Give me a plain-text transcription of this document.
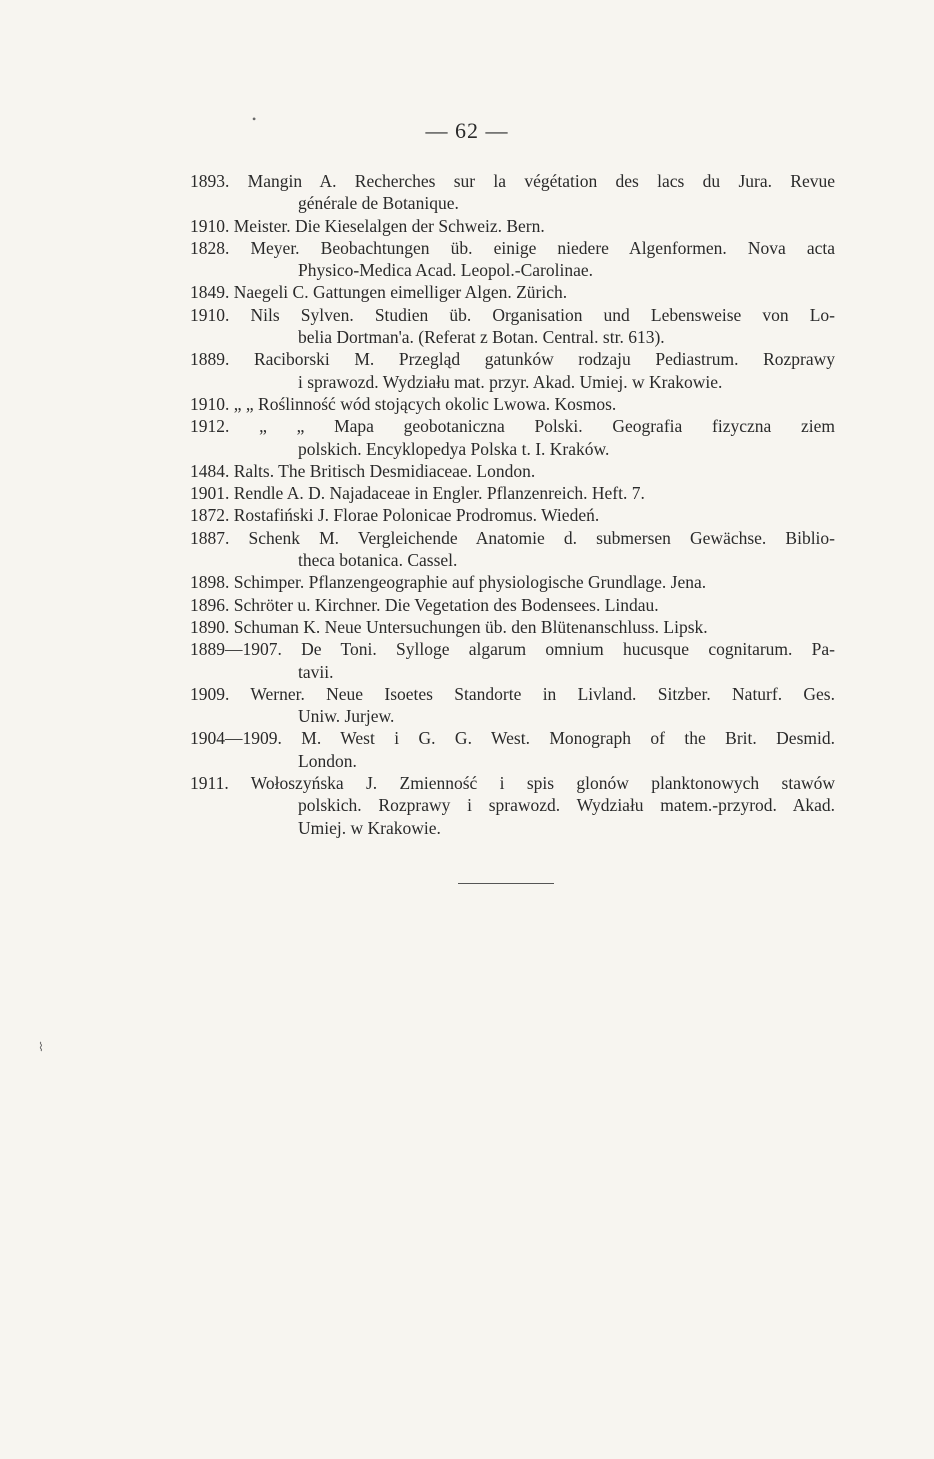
— 62 —
1893. Mangin A. Recherches sur la végétation des lacs du Jura. Revue
générale de Botanique.
1910. Meister. Die Kieselalgen der Schweiz. Bern.
1828. Meyer. Beobachtungen üb. einige niedere Algenformen. Nova acta
Physico-Medica Acad. Leopol.-Carolinae.
1849. Naegeli C. Gattungen eimelliger Algen. Zürich.
1910. Nils Sylven. Studien üb. Organisation und Lebensweise von Lo-
belia Dortman'a. (Referat z Botan. Central. str. 613).
1889. Raciborski M. Przegląd gatunków rodzaju Pediastrum. Rozprawy
i sprawozd. Wydziału mat. przyr. Akad. Umiej. w Krakowie.
1910. „ „ Roślinność wód stojących okolic Lwowa. Kosmos.
1912. „ „ Mapa geobotaniczna Polski. Geografia fizyczna ziem
polskich. Encyklopedya Polska t. I. Kraków.
1484. Ralts. The Britisch Desmidiaceae. London.
1901. Rendle A. D. Najadaceae in Engler. Pflanzenreich. Heft. 7.
1872. Rostafiński J. Florae Polonicae Prodromus. Wiedeń.
1887. Schenk M. Vergleichende Anatomie d. submersen Gewächse. Biblio-
theca botanica. Cassel.
1898. Schimper. Pflanzengeographie auf physiologische Grundlage. Jena.
1896. Schröter u. Kirchner. Die Vegetation des Bodensees. Lindau.
1890. Schuman K. Neue Untersuchungen üb. den Blütenanschluss. Lipsk.
1889—1907. De Toni. Sylloge algarum omnium hucusque cognitarum. Pa-
tavii.
1909. Werner. Neue Isoetes Standorte in Livland. Sitzber. Naturf. Ges.
Uniw. Jurjew.
1904—1909. M. West i G. G. West. Monograph of the Brit. Desmid.
London.
1911. Wołoszyńska J. Zmienność i spis glonów planktonowych stawów
polskich. Rozprawy i sprawozd. Wydziału matem.-przyrod. Akad.
Umiej. w Krakowie.
•
⌇
